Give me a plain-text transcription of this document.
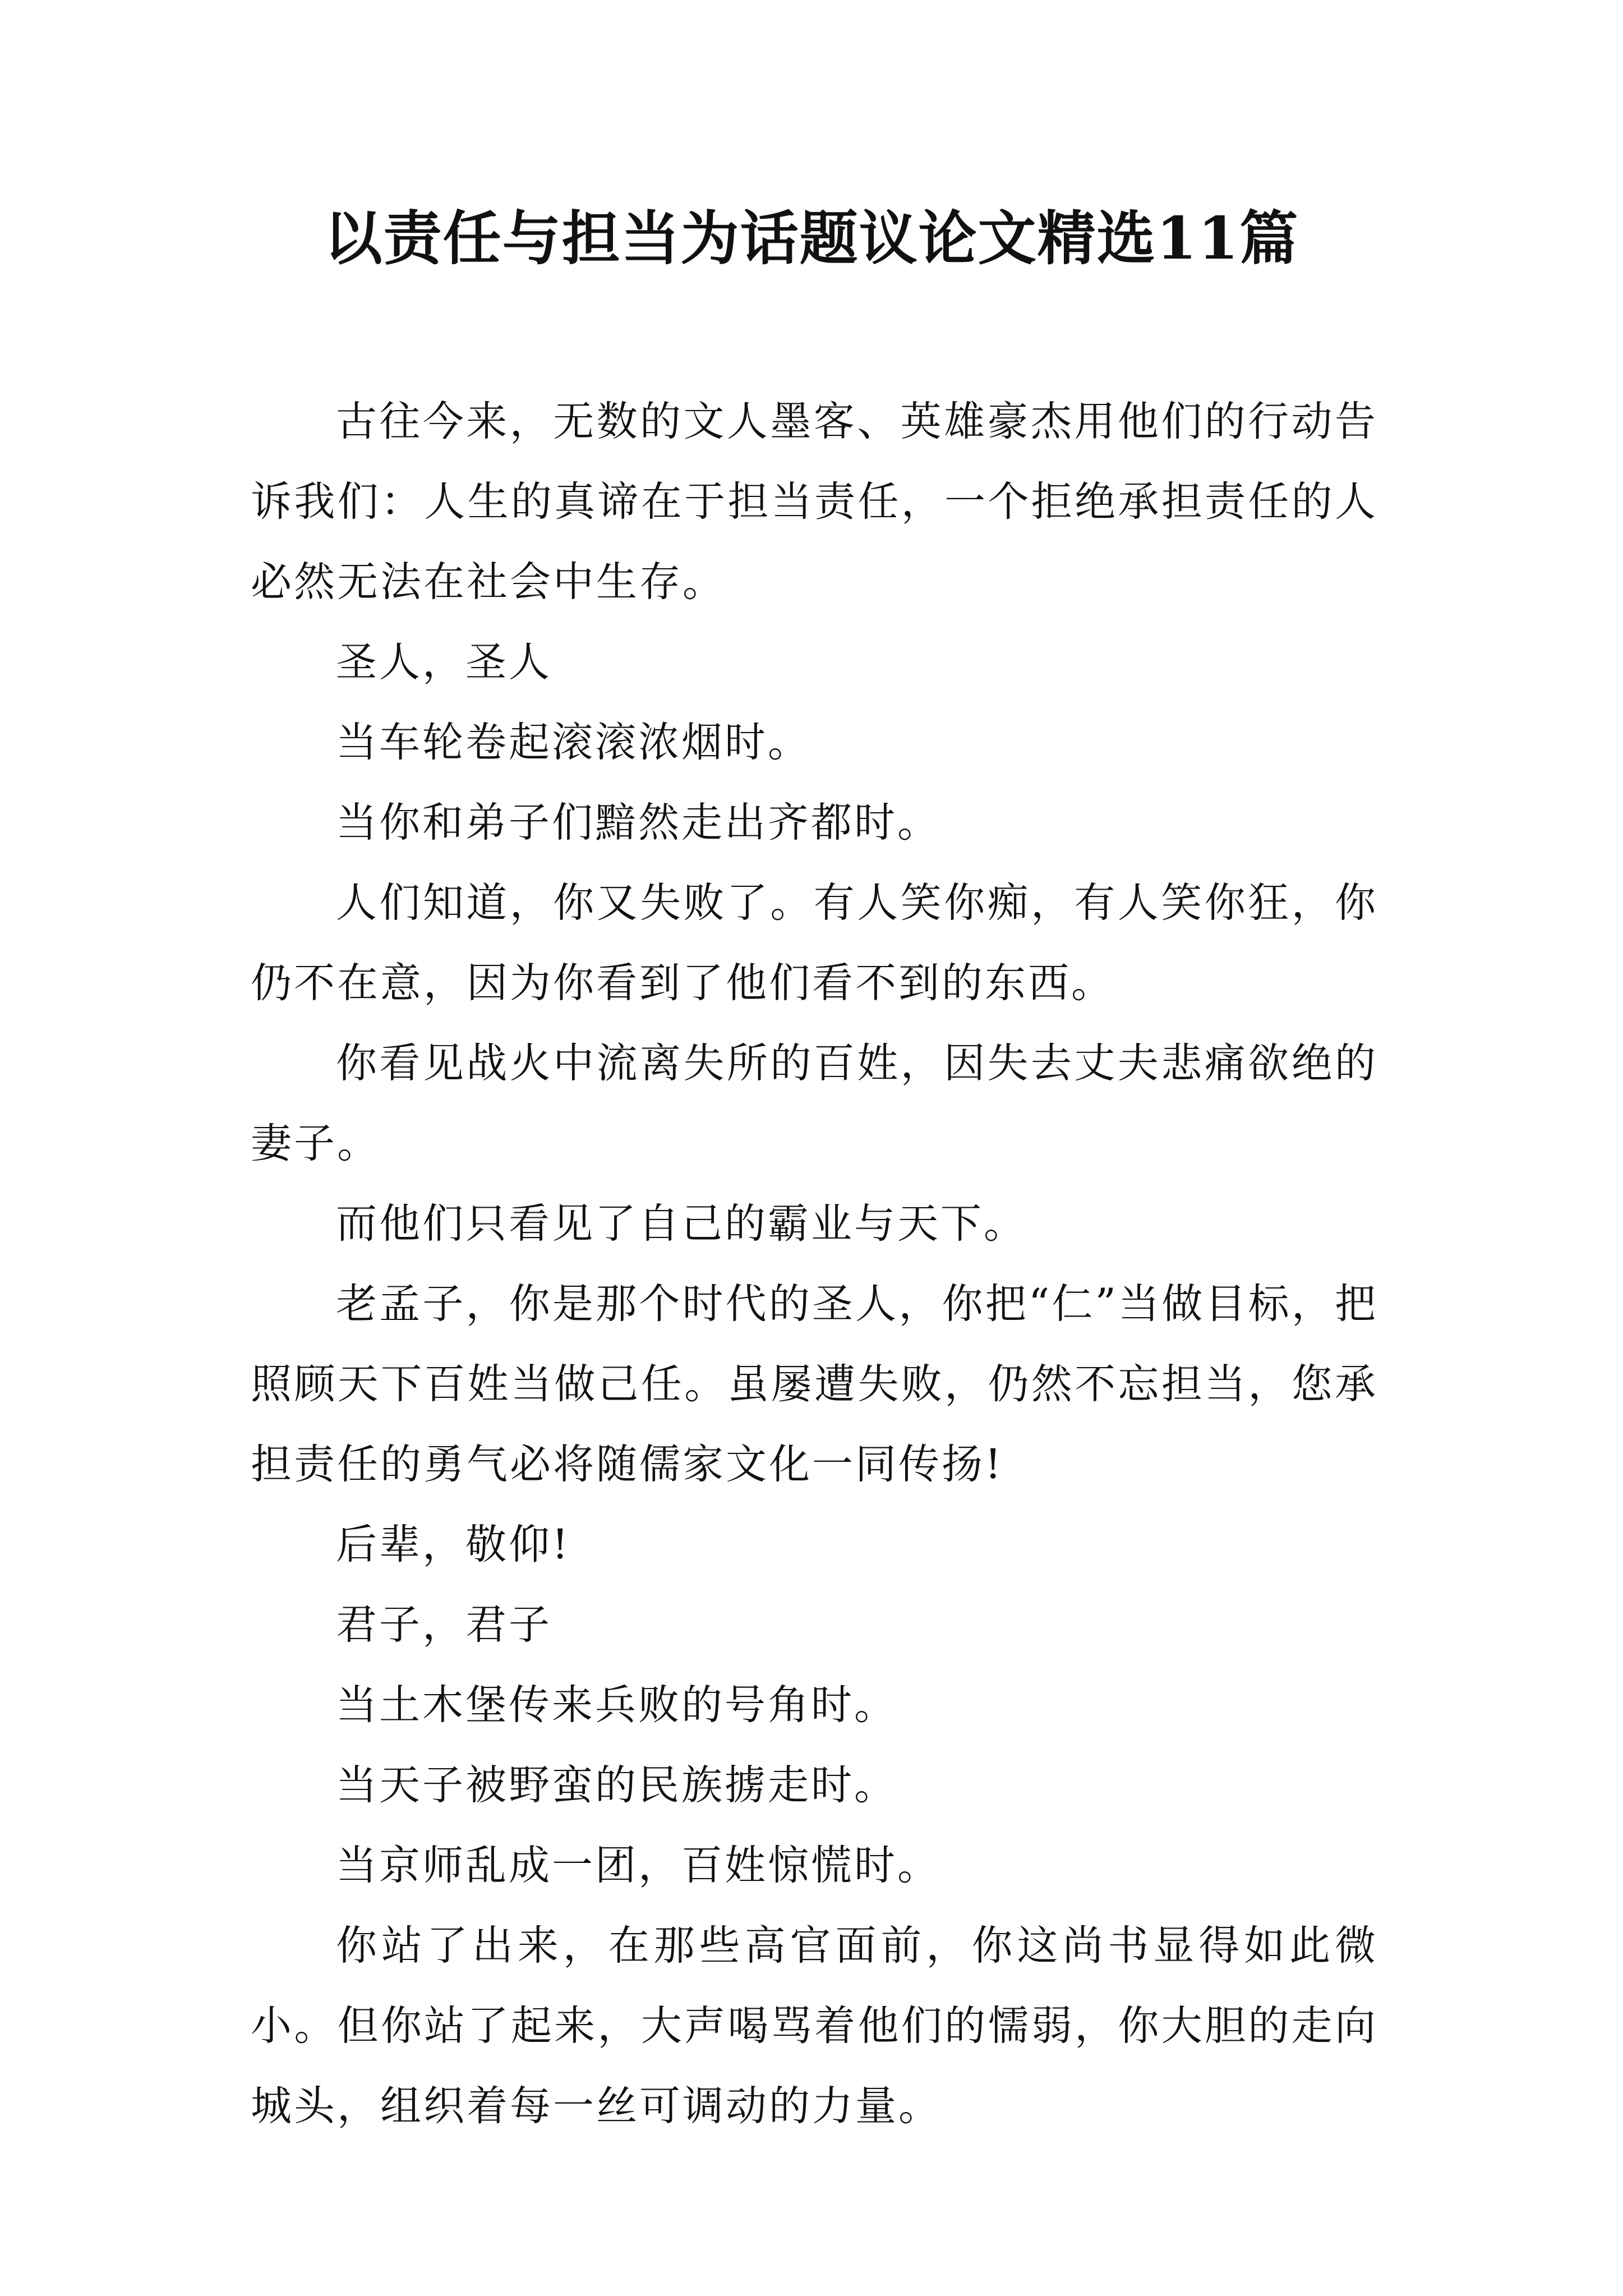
以责任与担当为话题议论文精选11篇

古往今来，无数的文人墨客、英雄豪杰用他们的行动告诉我们：人生的真谛在于担当责任，一个拒绝承担责任的人必然无法在社会中生存。

圣人，圣人

当车轮卷起滚滚浓烟时。

当你和弟子们黯然走出齐都时。

人们知道，你又失败了。有人笑你痴，有人笑你狂，你仍不在意，因为你看到了他们看不到的东西。

你看见战火中流离失所的百姓，因失去丈夫悲痛欲绝的妻子。

而他们只看见了自己的霸业与天下。

老孟子，你是那个时代的圣人，你把“仁”当做目标，把照顾天下百姓当做己任。虽屡遭失败，仍然不忘担当，您承担责任的勇气必将随儒家文化一同传扬!

后辈，敬仰!

君子，君子

当土木堡传来兵败的号角时。

当天子被野蛮的民族掳走时。

当京师乱成一团，百姓惊慌时。

你站了出来，在那些高官面前，你这尚书显得如此微小。但你站了起来，大声喝骂着他们的懦弱，你大胆的走向城头，组织着每一丝可调动的力量。
